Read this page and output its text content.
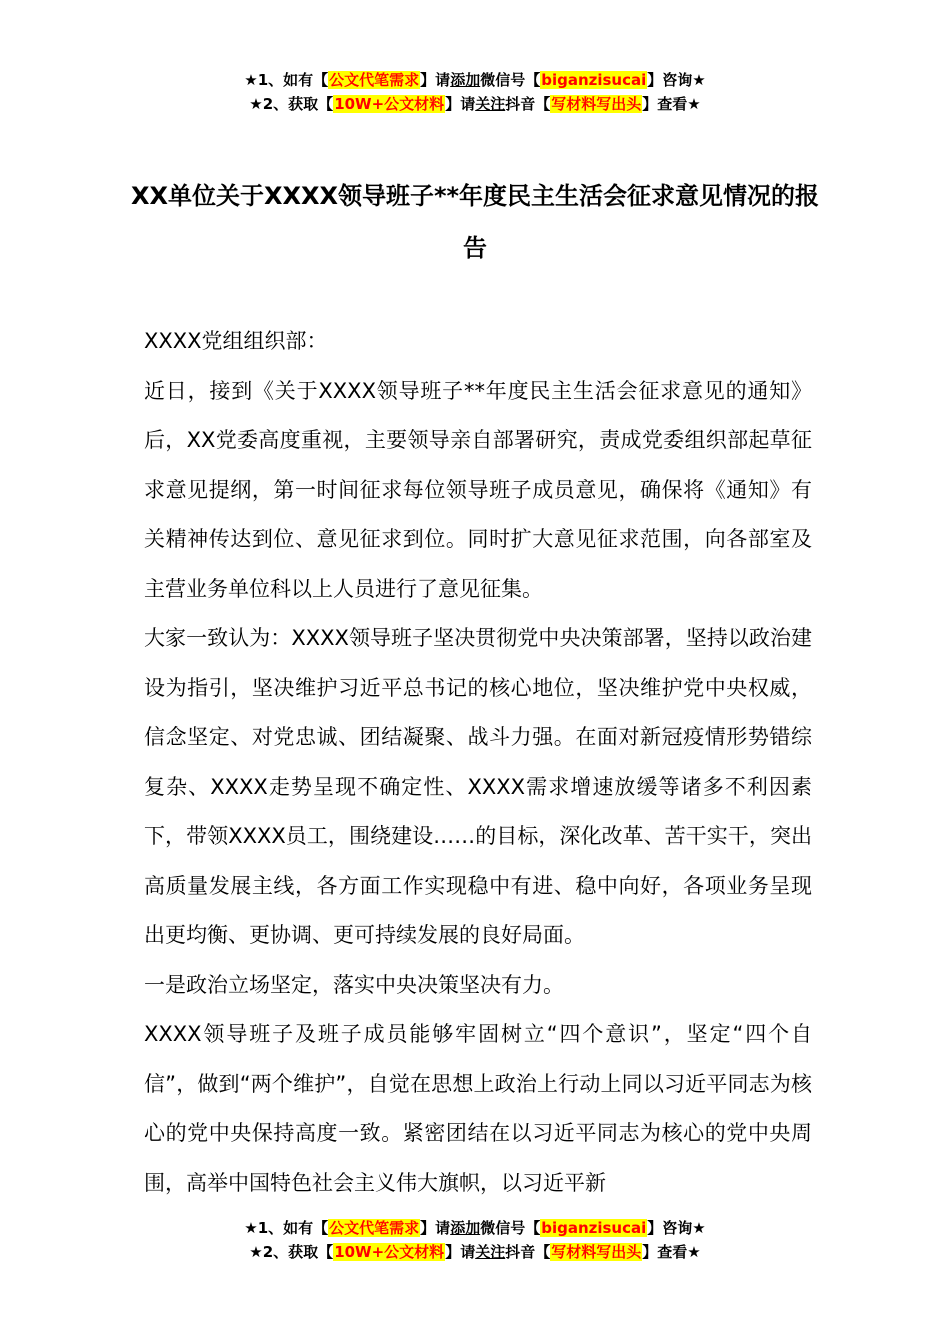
★1、如有【公文代笔需求】请添加微信号【biganzisucai】咨询★
★2、获取【10W+公文材料】请关注抖音【写材料写出头】查看★
XX单位关于XXXX领导班子**年度民主生活会征求意见情况的报告

XXXX党组组织部：

近日，接到《关于XXXX领导班子**年度民主生活会征求意见的通知》后，XX党委高度重视，主要领导亲自部署研究，责成党委组织部起草征求意见提纲，第一时间征求每位领导班子成员意见，确保将《通知》有关精神传达到位、意见征求到位。同时扩大意见征求范围，向各部室及主营业务单位科以上人员进行了意见征集。

大家一致认为：XXXX领导班子坚决贯彻党中央决策部署，坚持以政治建设为指引，坚决维护习近平总书记的核心地位，坚决维护党中央权威，信念坚定、对党忠诚、团结凝聚、战斗力强。在面对新冠疫情形势错综复杂、XXXX走势呈现不确定性、XXXX需求增速放缓等诸多不利因素下，带领XXXX员工，围绕建设……的目标，深化改革、苦干实干，突出高质量发展主线，各方面工作实现稳中有进、稳中向好，各项业务呈现出更均衡、更协调、更可持续发展的良好局面。

一是政治立场坚定，落实中央决策坚决有力。

XXXX领导班子及班子成员能够牢固树立“四个意识”，坚定“四个自信”，做到“两个维护”，自觉在思想上政治上行动上同以习近平同志为核心的党中央保持高度一致。紧密团结在以习近平同志为核心的党中央周围，高举中国特色社会主义伟大旗帜，以习近平新

★1、如有【公文代笔需求】请添加微信号【biganzisucai】咨询★
★2、获取【10W+公文材料】请关注抖音【写材料写出头】查看★
